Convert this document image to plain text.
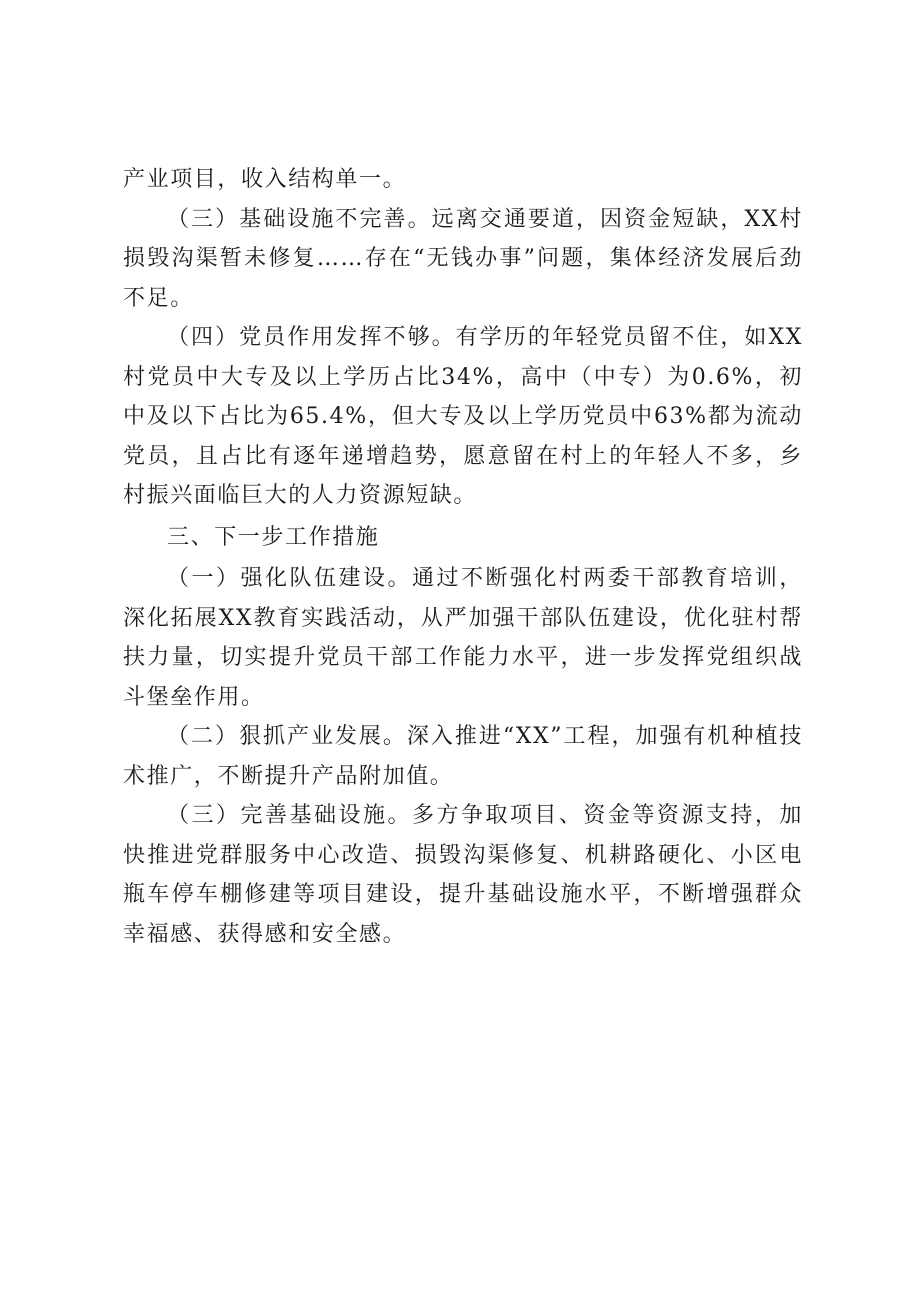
产业项目，收入结构单一。

（三）基础设施不完善。远离交通要道，因资金短缺，XX村损毁沟渠暂未修复……存在“无钱办事”问题，集体经济发展后劲不足。

（四）党员作用发挥不够。有学历的年轻党员留不住，如XX村党员中大专及以上学历占比34%，高中（中专）为0.6%，初中及以下占比为65.4%，但大专及以上学历党员中63%都为流动党员，且占比有逐年递增趋势，愿意留在村上的年轻人不多，乡村振兴面临巨大的人力资源短缺。

三、下一步工作措施

（一）强化队伍建设。通过不断强化村两委干部教育培训，深化拓展XX教育实践活动，从严加强干部队伍建设，优化驻村帮扶力量，切实提升党员干部工作能力水平，进一步发挥党组织战斗堡垒作用。

（二）狠抓产业发展。深入推进“XX”工程，加强有机种植技术推广，不断提升产品附加值。

（三）完善基础设施。多方争取项目、资金等资源支持，加快推进党群服务中心改造、损毁沟渠修复、机耕路硬化、小区电瓶车停车棚修建等项目建设，提升基础设施水平，不断增强群众幸福感、获得感和安全感。
